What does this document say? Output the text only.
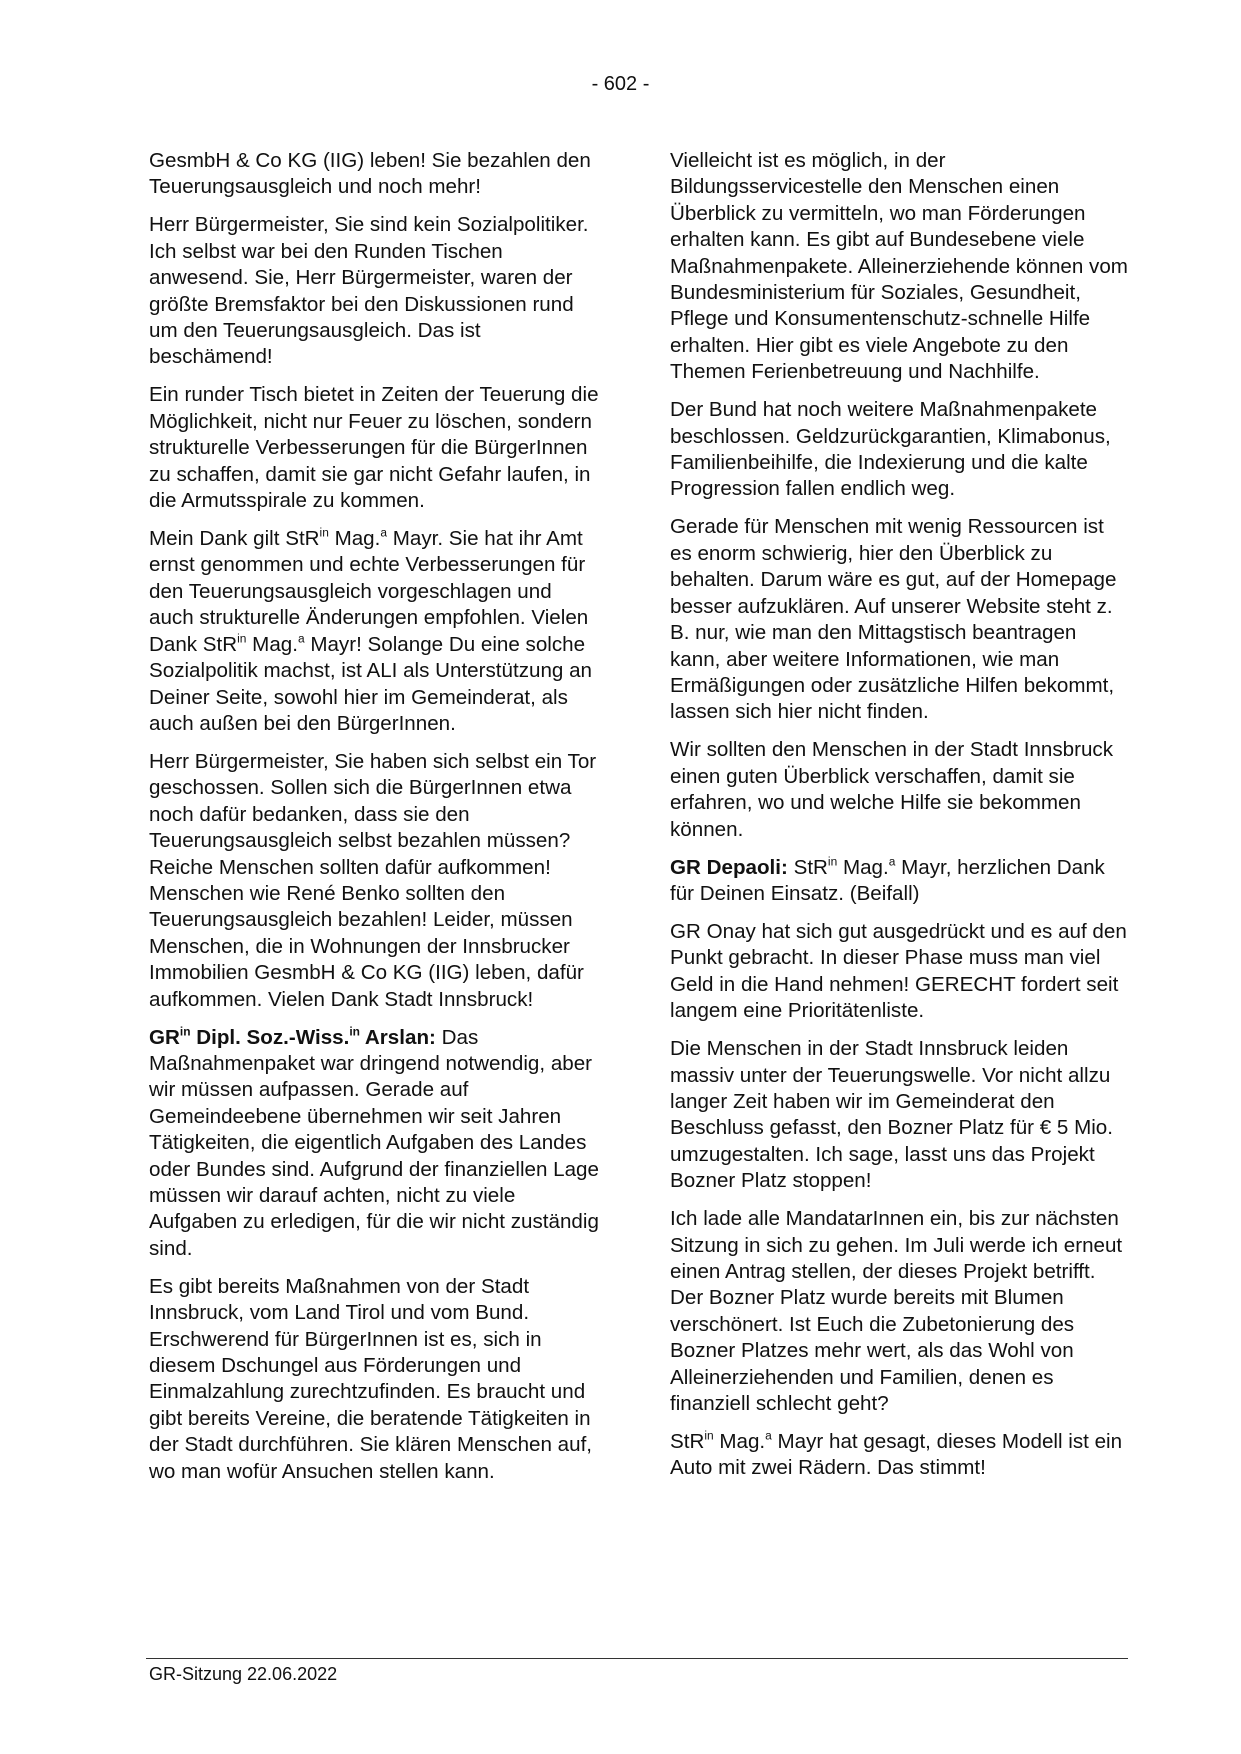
- 602 -

GesmbH & Co KG (IIG) leben! Sie bezahlen den Teuerungsausgleich und noch mehr!

Herr Bürgermeister, Sie sind kein Sozialpolitiker. Ich selbst war bei den Runden Tischen anwesend. Sie, Herr Bürgermeister, waren der größte Bremsfaktor bei den Diskussionen rund um den Teuerungsausgleich. Das ist beschämend!

Ein runder Tisch bietet in Zeiten der Teuerung die Möglichkeit, nicht nur Feuer zu löschen, sondern strukturelle Verbesserungen für die BürgerInnen zu schaffen, damit sie gar nicht Gefahr laufen, in die Armutsspirale zu kommen.

Mein Dank gilt StR$^{in}$ Mag.$^a$ Mayr. Sie hat ihr Amt ernst genommen und echte Verbesserungen für den Teuerungsausgleich vorgeschlagen und auch strukturelle Änderungen empfohlen. Vielen Dank StR$^{in}$ Mag.$^a$ Mayr! Solange Du eine solche Sozialpolitik machst, ist ALI als Unterstützung an Deiner Seite, sowohl hier im Gemeinderat, als auch außen bei den BürgerInnen.

Herr Bürgermeister, Sie haben sich selbst ein Tor geschossen. Sollen sich die BürgerInnen etwa noch dafür bedanken, dass sie den Teuerungsausgleich selbst bezahlen müssen? Reiche Menschen sollten dafür aufkommen! Menschen wie René Benko sollten den Teuerungsausgleich bezahlen! Leider, müssen Menschen, die in Wohnungen der Innsbrucker Immobilien GesmbH & Co KG (IIG) leben, dafür aufkommen. Vielen Dank Stadt Innsbruck!

$GR^{in}$ Dipl. Soz.-Wiss.$^{in}$ Arslan: Das Maßnahmenpaket war dringend notwendig, aber wir müssen aufpassen. Gerade auf Gemeindeebene übernehmen wir seit Jahren Tätigkeiten, die eigentlich Aufgaben des Landes oder Bundes sind. Aufgrund der finanziellen Lage müssen wir darauf achten, nicht zu viele Aufgaben zu erledigen, für die wir nicht zuständig sind.

Es gibt bereits Maßnahmen von der Stadt Innsbruck, vom Land Tirol und vom Bund. Erschwerend für BürgerInnen ist es, sich in diesem Dschungel aus Förderungen und Einmalzahlung zurechtzufinden. Es braucht und gibt bereits Vereine, die beratende Tätigkeiten in der Stadt durchführen. Sie klären Menschen auf, wo man wofür Ansuchen stellen kann.

Vielleicht ist es möglich, in der Bildungsservicestelle den Menschen einen Überblick zu vermitteln, wo man Förderungen erhalten kann. Es gibt auf Bundesebene viele Maßnahmenpakete. Alleinerziehende können vom Bundesministerium für Soziales, Gesundheit, Pflege und Konsumentenschutz-schnelle Hilfe erhalten. Hier gibt es viele Angebote zu den Themen Ferienbetreuung und Nachhilfe.

Der Bund hat noch weitere Maßnahmenpakete beschlossen. Geldzurückgarantien, Klimabonus, Familienbeihilfe, die Indexierung und die kalte Progression fallen endlich weg.

Gerade für Menschen mit wenig Ressourcen ist es enorm schwierig, hier den Überblick zu behalten. Darum wäre es gut, auf der Homepage besser aufzuklären. Auf unserer Website steht z. B. nur, wie man den Mittagstisch beantragen kann, aber weitere Informationen, wie man Ermäßigungen oder zusätzliche Hilfen bekommt, lassen sich hier nicht finden.

Wir sollten den Menschen in der Stadt Innsbruck einen guten Überblick verschaffen, damit sie erfahren, wo und welche Hilfe sie bekommen können.

GR Depaoli: StR$^{in}$ Mag.$^a$ Mayr, herzlichen Dank für Deinen Einsatz. (Beifall)

GR Onay hat sich gut ausgedrückt und es auf den Punkt gebracht. In dieser Phase muss man viel Geld in die Hand nehmen! GERECHT fordert seit langem eine Prioritätenliste.

Die Menschen in der Stadt Innsbruck leiden massiv unter der Teuerungswelle. Vor nicht allzu langer Zeit haben wir im Gemeinderat den Beschluss gefasst, den Bozner Platz für € 5 Mio. umzugestalten. Ich sage, lasst uns das Projekt Bozner Platz stoppen!

Ich lade alle MandatarInnen ein, bis zur nächsten Sitzung in sich zu gehen. Im Juli werde ich erneut einen Antrag stellen, der dieses Projekt betrifft. Der Bozner Platz wurde bereits mit Blumen verschönert. Ist Euch die Zubetonierung des Bozner Platzes mehr wert, als das Wohl von Alleinerziehenden und Familien, denen es finanziell schlecht geht?

StR$^{in}$ Mag.$^a$ Mayr hat gesagt, dieses Modell ist ein Auto mit zwei Rädern. Das stimmt!

GR-Sitzung 22.06.2022
